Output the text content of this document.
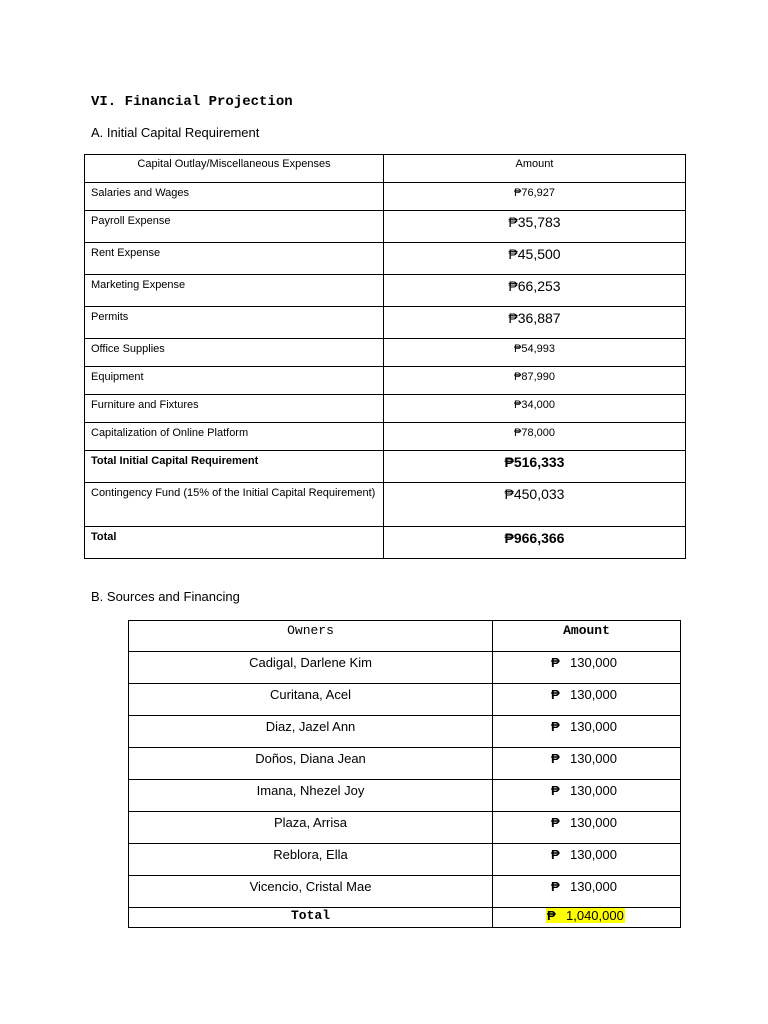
VI. Financial Projection

A. Initial Capital Requirement

Capital Outlay/Miscellaneous Expenses	Amount
Salaries and Wages	₱76,927
Payroll Expense	₱35,783
Rent Expense	₱45,500
Marketing Expense	₱66,253
Permits	₱36,887
Office Supplies	₱54,993
Equipment	₱87,990
Furniture and Fixtures	₱34,000
Capitalization of Online Platform	₱78,000
Total Initial Capital Requirement	₱516,333
Contingency Fund (15% of the Initial Capital Requirement)	₱450,033
Total	₱966,366

B. Sources and Financing

Owners	Amount
Cadigal, Darlene Kim	₱ 130,000
Curitana, Acel	₱ 130,000
Diaz, Jazel Ann	₱ 130,000
Doños, Diana Jean	₱ 130,000
Imana, Nhezel Joy	₱ 130,000
Plaza, Arrisa	₱ 130,000
Reblora, Ella	₱ 130,000
Vicencio, Cristal Mae	₱ 130,000
Total	₱ 1,040,000
